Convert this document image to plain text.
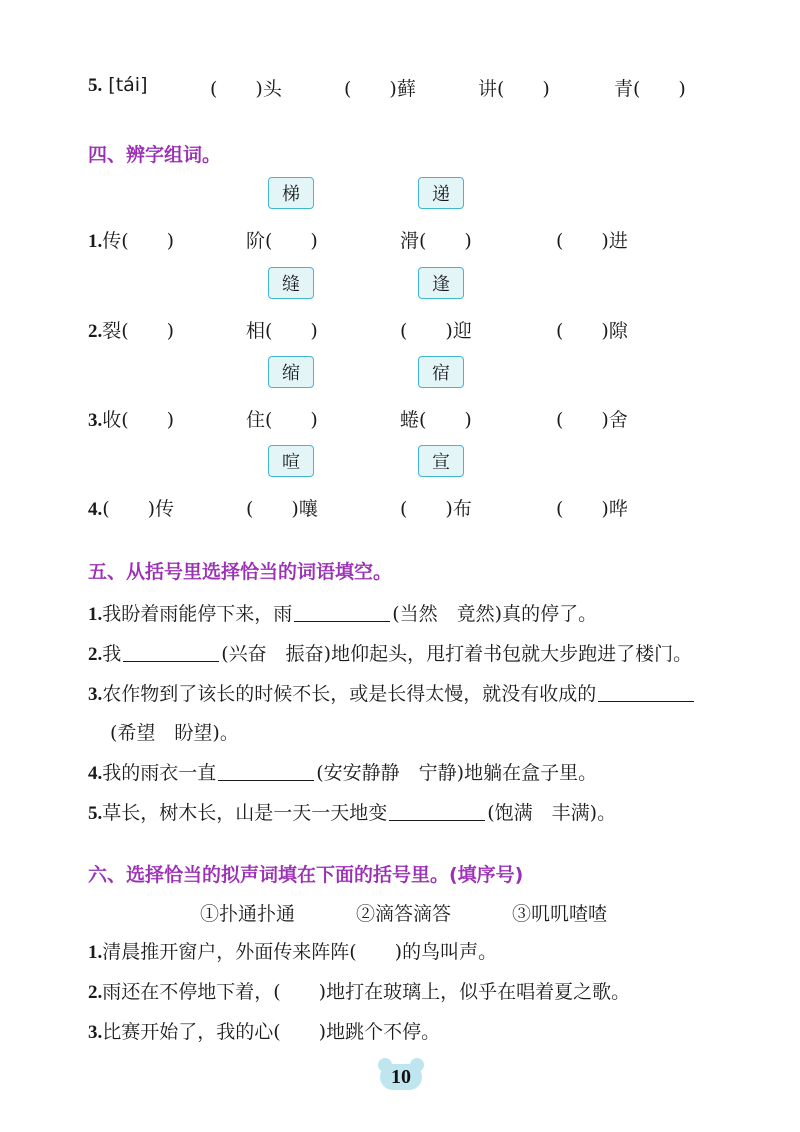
5. [tái]	(　　)头	(　　)藓	讲(　　)	青(　　)
四、辨字组词。
梯	递
1.传(　　)	阶(　　)	滑(　　)	(　　)进
缝	逢
2.裂(　　)	相(　　)	(　　)迎	(　　)隙
缩	宿
3.收(　　)	住(　　)	蜷(　　)	(　　)舍
喧	宣
4.(　　)传	(　　)嚷	(　　)布	(　　)哗
五、从括号里选择恰当的词语填空。
1.我盼着雨能停下来，雨	(当然　竟然)真的停了。
2.我	(兴奋　振奋)地仰起头，甩打着书包就大步跑进了楼门。
3.农作物到了该长的时候不长，或是长得太慢，就没有收成的
(希望　盼望)。
4.我的雨衣一直	(安安静静　宁静)地躺在盒子里。
5.草长，树木长，山是一天一天地变	(饱满　丰满)。
六、选择恰当的拟声词填在下面的括号里。(填序号)
①扑通扑通	②滴答滴答	③叽叽喳喳
1.清晨推开窗户，外面传来阵阵(　　)的鸟叫声。
2.雨还在不停地下着，(　　)地打在玻璃上，似乎在唱着夏之歌。
3.比赛开始了，我的心(　　)地跳个不停。
10
